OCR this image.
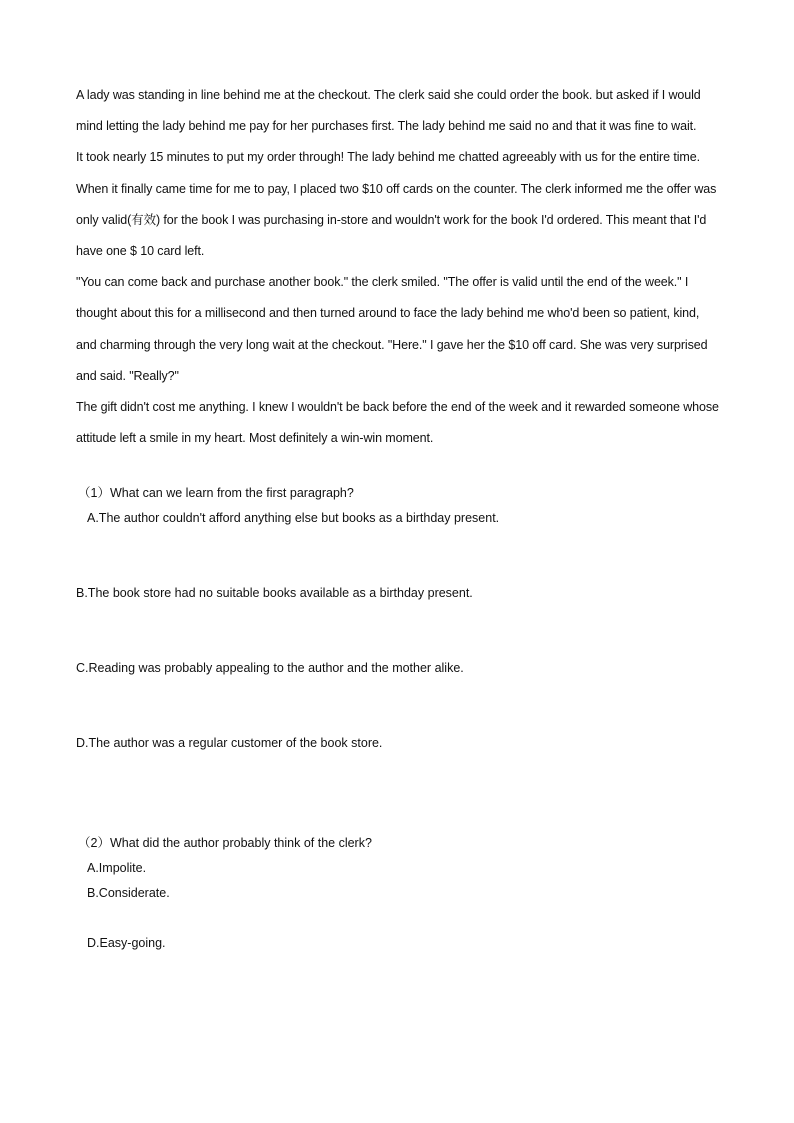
A lady was standing in line behind me at the checkout. The clerk said she could order the book. but asked if I would mind letting the lady behind me pay for her purchases first. The lady behind me said no and that it was fine to wait.

It took nearly 15 minutes to put my order through! The lady behind me chatted agreeably with us for the entire time. When it finally came time for me to pay, I placed two $10 off cards on the counter. The clerk informed me the offer was only valid(有效) for the book I was purchasing in-store and wouldn't work for the book I'd ordered. This meant that I'd have one $ 10 card left.

"You can come back and purchase another book." the clerk smiled. "The offer is valid until the end of the week." I thought about this for a millisecond and then turned around to face the lady behind me who'd been so patient, kind, and charming through the very long wait at the checkout. "Here." I gave her the $10 off card. She was very surprised and said. "Really?"

The gift didn't cost me anything. I knew I wouldn't be back before the end of the week and it rewarded someone whose attitude left a smile in my heart. Most definitely a win-win moment.

（1）What can we learn from the first paragraph?
A.The author couldn't afford anything else but books as a birthday present.
B.The book store had no suitable books available as a birthday present.
C.Reading was probably appealing to the author and the mother alike.
D.The author was a regular customer of the book store.
（2）What did the author probably think of the clerk?
A.Impolite.
B.Considerate.
D.Easy-going.
